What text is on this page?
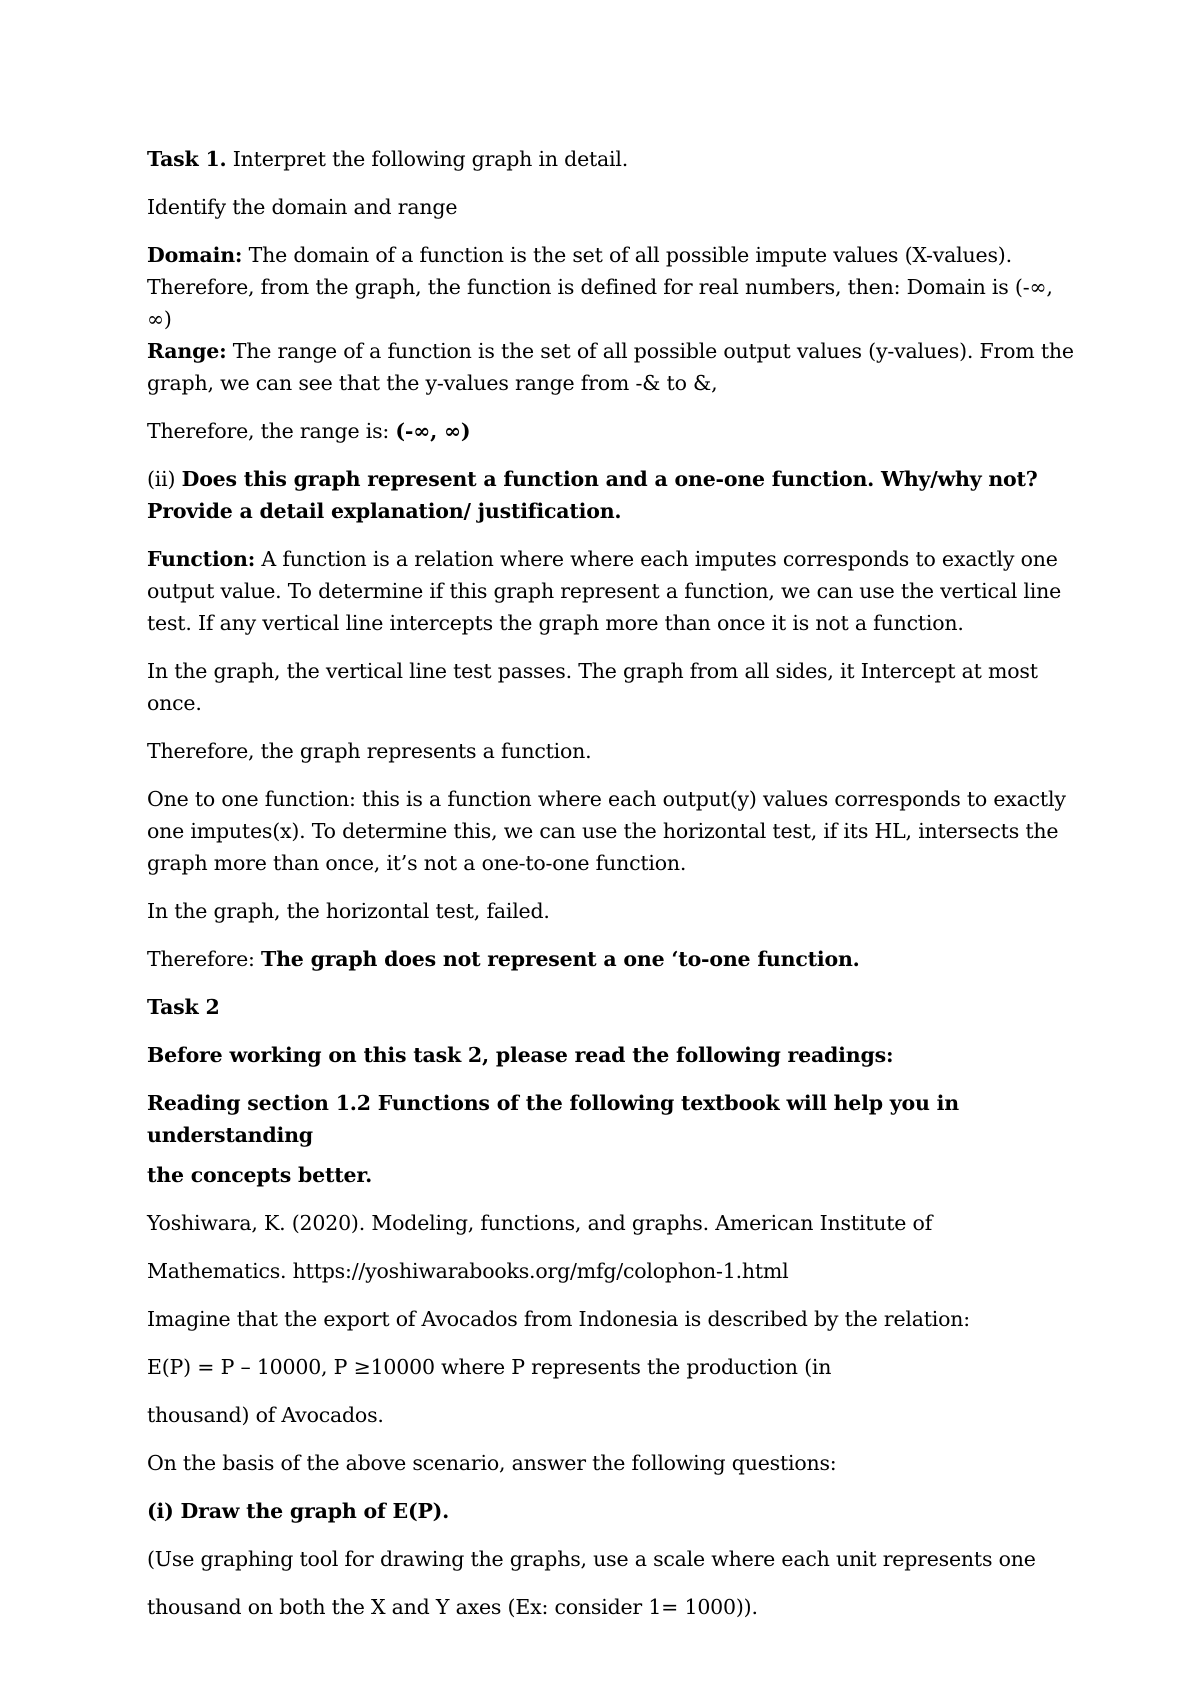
Task 1. Interpret the following graph in detail.

Identify the domain and range

Domain: The domain of a function is the set of all possible impute values (X-values). Therefore, from the graph, the function is defined for real numbers, then: Domain is (-∞, ∞)

Range: The range of a function is the set of all possible output values (y-values). From the graph, we can see that the y-values range from -& to &,

Therefore, the range is: (-∞, ∞)

(ii) Does this graph represent a function and a one-one function. Why/why not? Provide a detail explanation/ justification.

Function: A function is a relation where where each imputes corresponds to exactly one output value. To determine if this graph represent a function, we can use the vertical line test. If any vertical line intercepts the graph more than once it is not a function.

In the graph, the vertical line test passes. The graph from all sides, it Intercept at most once.

Therefore, the graph represents a function.

One to one function: this is a function where each output(y) values corresponds to exactly one imputes(x). To determine this, we can use the horizontal test, if its HL, intersects the graph more than once, it’s not a one-to-one function.

In the graph, the horizontal test, failed.

Therefore: The graph does not represent a one ‘to-one function.

Task 2

Before working on this task 2, please read the following readings:

Reading section 1.2 Functions of the following textbook will help you in understanding

the concepts better.

Yoshiwara, K. (2020). Modeling, functions, and graphs. American Institute of

Mathematics. https://yoshiwarabooks.org/mfg/colophon-1.html

Imagine that the export of Avocados from Indonesia is described by the relation:

E(P) = P – 10000, P ≥10000 where P represents the production (in

thousand) of Avocados.

On the basis of the above scenario, answer the following questions:

(i) Draw the graph of E(P).

(Use graphing tool for drawing the graphs, use a scale where each unit represents one

thousand on both the X and Y axes (Ex: consider 1= 1000)).
